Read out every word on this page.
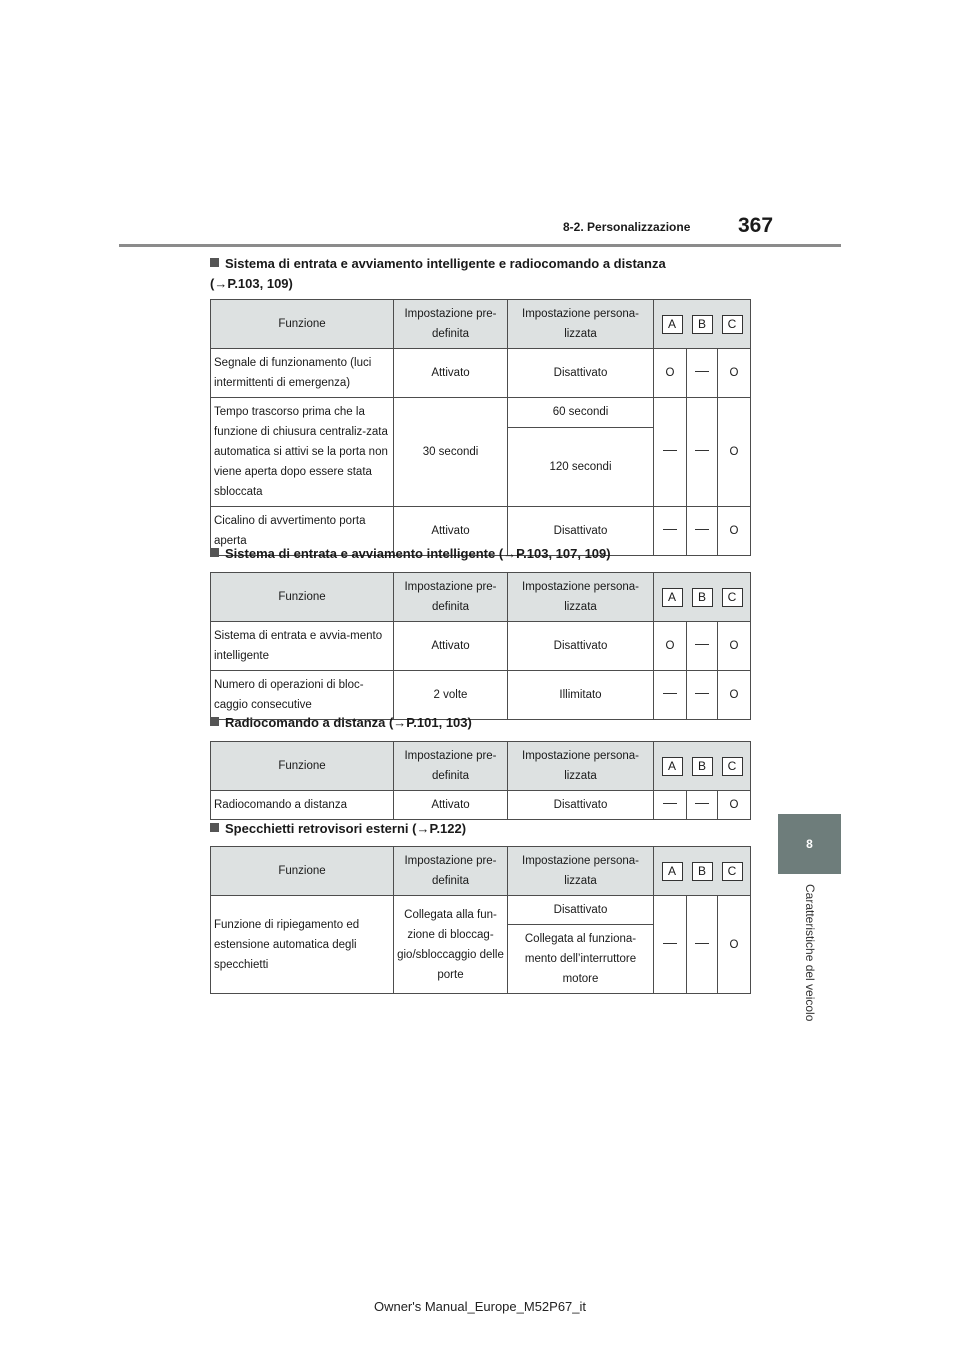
367
8-2. Personalizzazione
8
Caratteristiche del veicolo
Sistema di entrata e avviamento intelligente e radiocomando a distanza
(→P.103, 109)
Funzione	Impostazione pre-definita	Impostazione persona-lizzata	A B C		

Segnale di funzionamento (luci intermittenti di emergenza)	Attivato	Disattivato	O		O
Tempo trascorso prima che la funzione di chiusura centraliz-zata automatica si attivi se la porta non viene aperta dopo essere stata sbloccata	30 secondi	60 secondi			O
		120 secondi			
Cicalino di avvertimento porta aperta	Attivato	Disattivato			O
Sistema di entrata e avviamento intelligente (→P.103, 107, 109)
Funzione	Impostazione pre-definita	Impostazione persona-lizzata	A B C		

Sistema di entrata e avvia-mento intelligente	Attivato	Disattivato	O		O
Numero di operazioni di bloc-caggio consecutive	2 volte	Illimitato			O
Radiocomando a distanza (→P.101, 103)
Funzione	Impostazione pre-definita	Impostazione persona-lizzata	A B C		

Radiocomando a distanza	Attivato	Disattivato			O
Specchietti retrovisori esterni (→P.122)
Funzione	Impostazione pre-definita	Impostazione persona-lizzata	A B C		

Funzione di ripiegamento ed estensione automatica degli specchietti	Collegata alla fun-zione di bloccag-gio/sbloccaggio delle porte	Disattivato			O
		Collegata al funziona-mento dell’interruttore motore			
Owner's Manual_Europe_M52P67_it
